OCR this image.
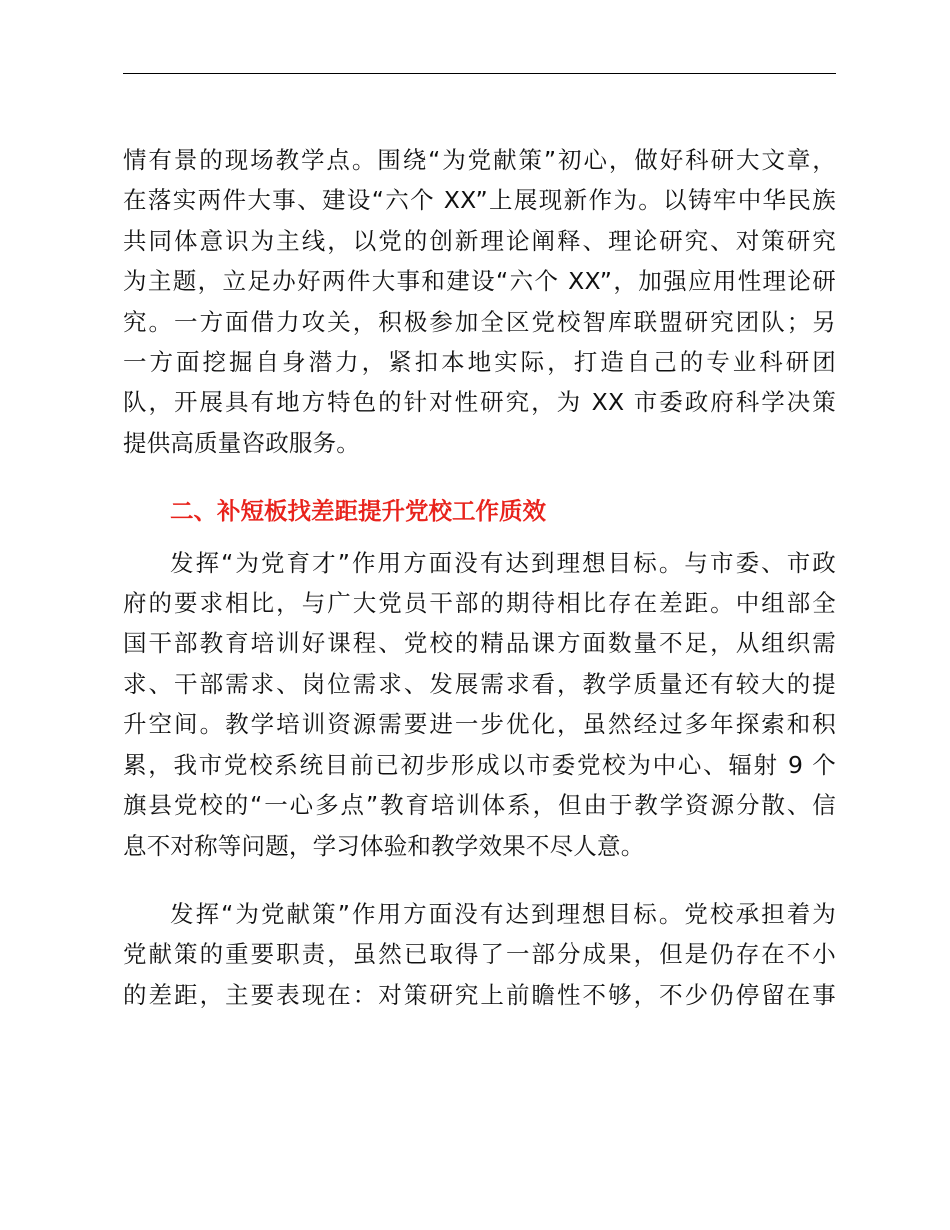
情有景的现场教学点。围绕“为党献策”初心，做好科研大文章，
在落实两件大事、建设“六个 XX”上展现新作为。以铸牢中华民族
共同体意识为主线，以党的创新理论阐释、理论研究、对策研究
为主题，立足办好两件大事和建设“六个 XX”，加强应用性理论研
究。一方面借力攻关，积极参加全区党校智库联盟研究团队；另
一方面挖掘自身潜力，紧扣本地实际，打造自己的专业科研团
队，开展具有地方特色的针对性研究，为 XX 市委政府科学决策
提供高质量咨政服务。

二、补短板找差距提升党校工作质效

发挥“为党育才”作用方面没有达到理想目标。与市委、市政
府的要求相比，与广大党员干部的期待相比存在差距。中组部全
国干部教育培训好课程、党校的精品课方面数量不足，从组织需
求、干部需求、岗位需求、发展需求看，教学质量还有较大的提
升空间。教学培训资源需要进一步优化，虽然经过多年探索和积
累，我市党校系统目前已初步形成以市委党校为中心、辐射 9 个
旗县党校的“一心多点”教育培训体系，但由于教学资源分散、信
息不对称等问题，学习体验和教学效果不尽人意。

发挥“为党献策”作用方面没有达到理想目标。党校承担着为
党献策的重要职责，虽然已取得了一部分成果，但是仍存在不小
的差距，主要表现在：对策研究上前瞻性不够，不少仍停留在事
